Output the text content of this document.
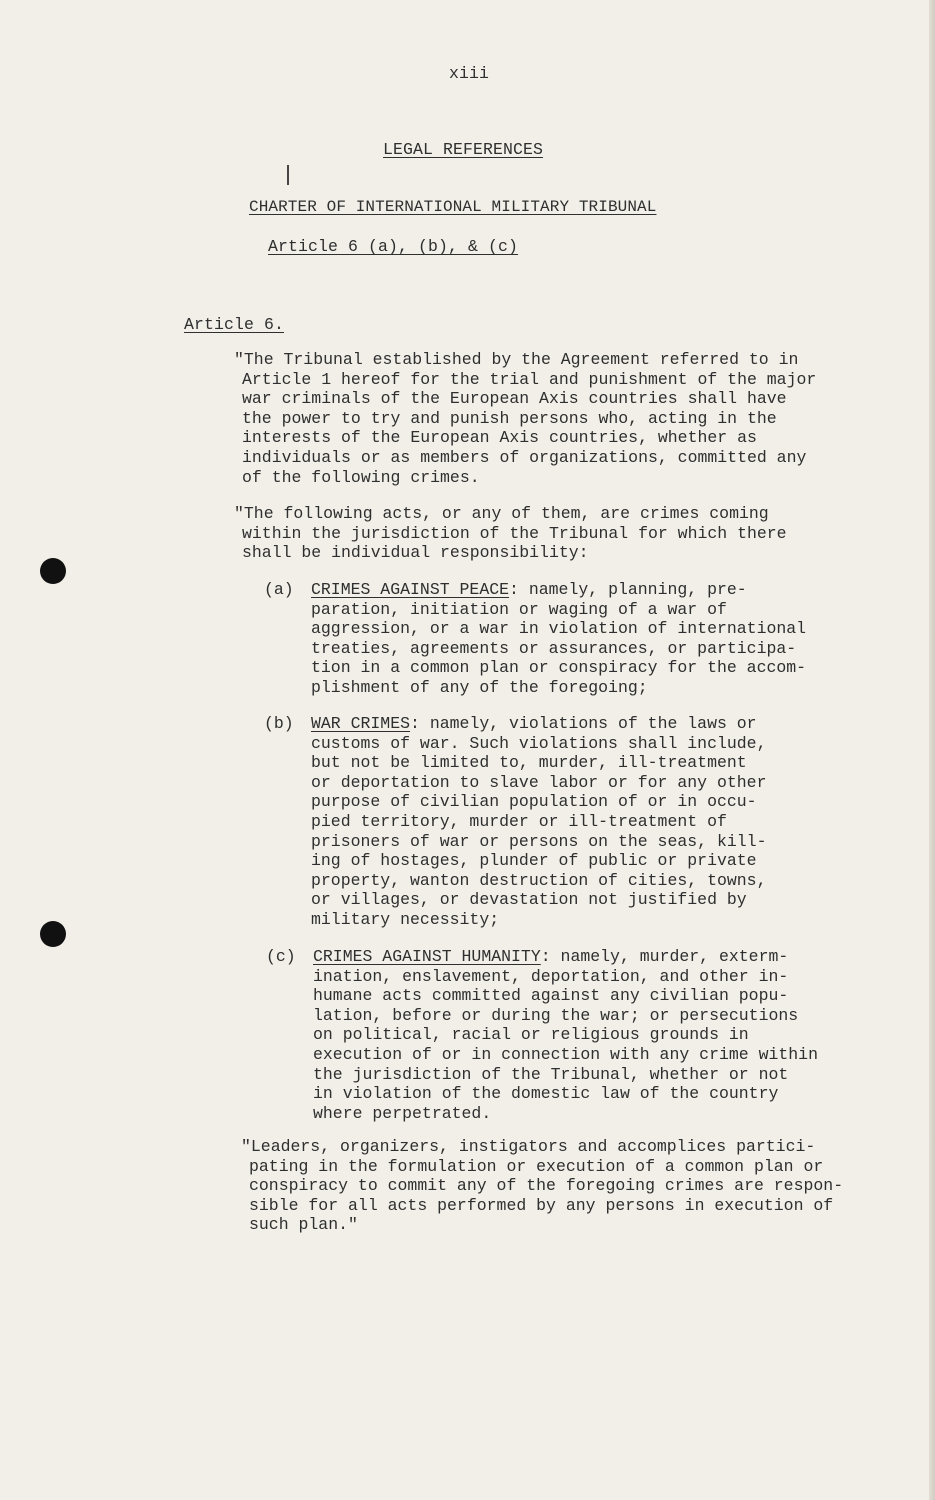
xiii
LEGAL REFERENCES
CHARTER OF INTERNATIONAL MILITARY TRIBUNAL
Article 6 (a), (b), & (c)
Article 6.
"The Tribunal established by the Agreement referred to in
Article 1 hereof for the trial and punishment of the major
war criminals of the European Axis countries shall have
the power to try and punish persons who, acting in the
interests of the European Axis countries, whether as
individuals or as members of organizations, committed any
of the following crimes.
"The following acts, or any of them, are crimes coming
within the jurisdiction of the Tribunal for which there
shall be individual responsibility:
(a) CRIMES AGAINST PEACE: namely, planning, pre-
paration, initiation or waging of a war of
aggression, or a war in violation of international
treaties, agreements or assurances, or participa-
tion in a common plan or conspiracy for the accom-
plishment of any of the foregoing;
(b) WAR CRIMES: namely, violations of the laws or
customs of war. Such violations shall include,
but not be limited to, murder, ill-treatment
or deportation to slave labor or for any other
purpose of civilian population of or in occu-
pied territory, murder or ill-treatment of
prisoners of war or persons on the seas, kill-
ing of hostages, plunder of public or private
property, wanton destruction of cities, towns,
or villages, or devastation not justified by
military necessity;
(c) CRIMES AGAINST HUMANITY: namely, murder, exterm-
ination, enslavement, deportation, and other in-
humane acts committed against any civilian popu-
lation, before or during the war; or persecutions
on political, racial or religious grounds in
execution of or in connection with any crime within
the jurisdiction of the Tribunal, whether or not
in violation of the domestic law of the country
where perpetrated.
"Leaders, organizers, instigators and accomplices partici-
pating in the formulation or execution of a common plan or
conspiracy to commit any of the foregoing crimes are respon-
sible for all acts performed by any persons in execution of
such plan."
